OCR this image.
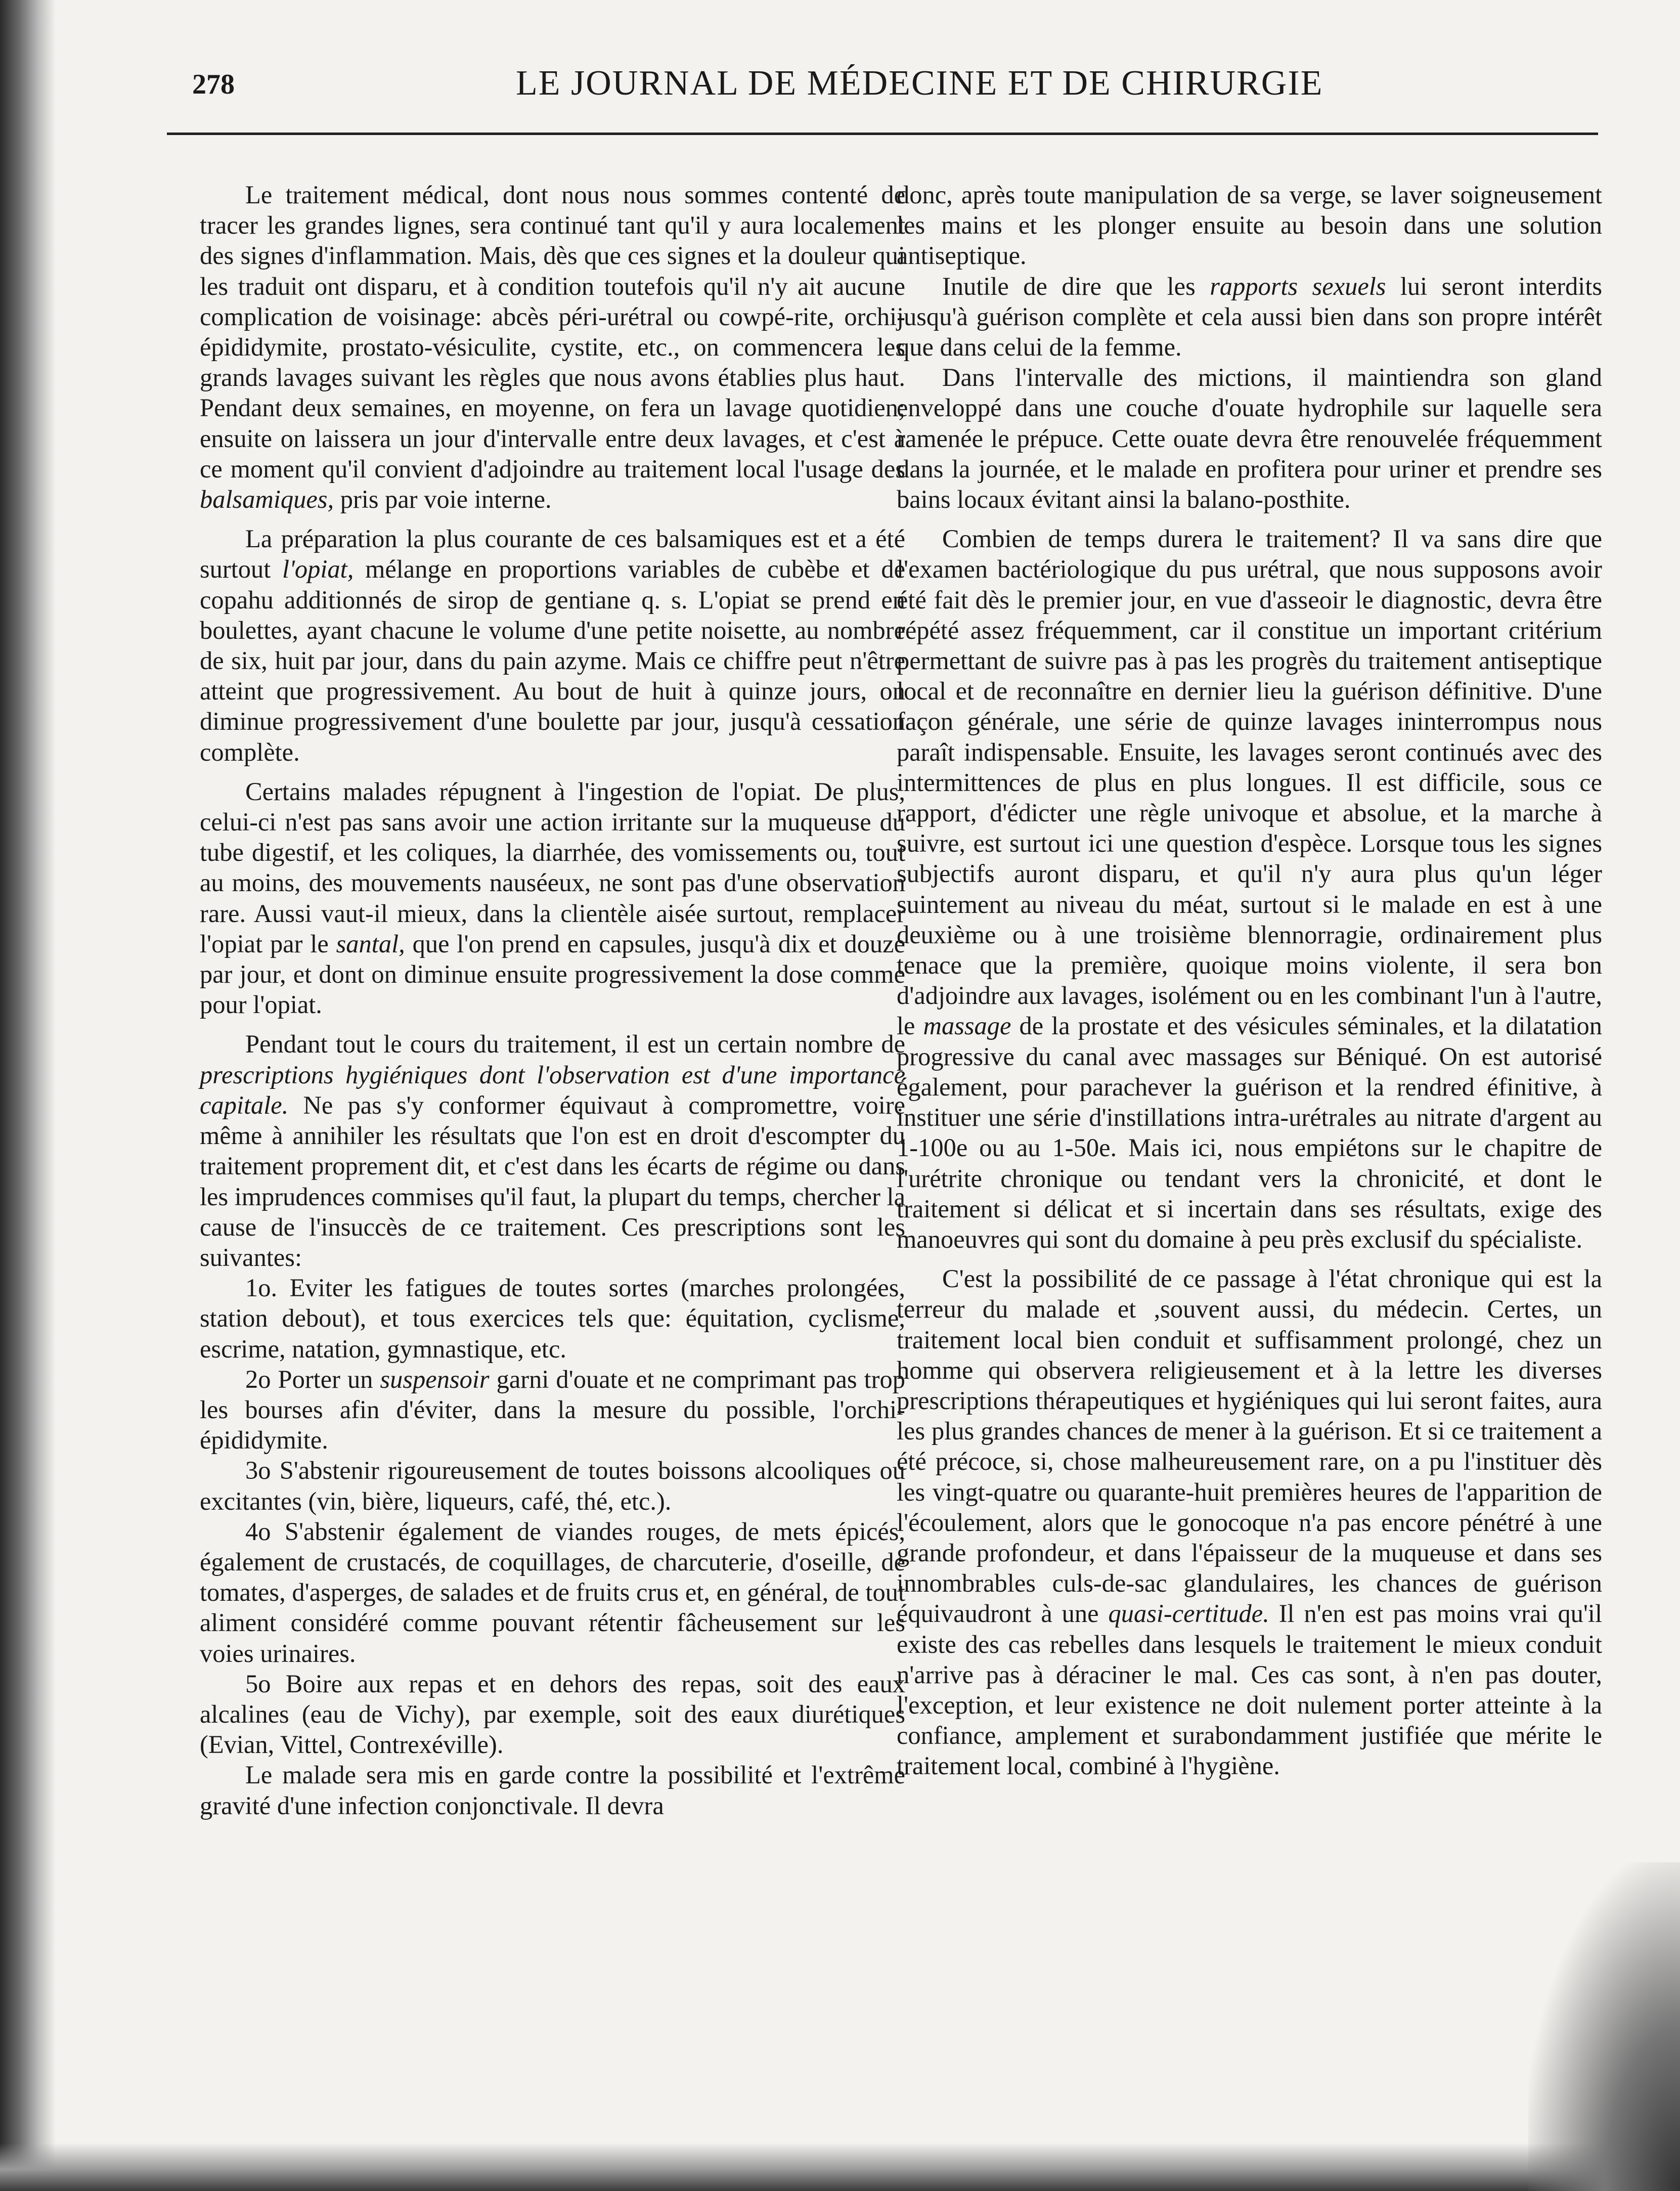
278	LE JOURNAL DE MÉDECINE ET DE CHIRURGIE

Le traitement médical, dont nous nous sommes contenté de tracer les grandes lignes, sera continué tant qu'il y aura localement des signes d'inflammation. Mais, dès que ces signes et la douleur qui les traduit ont disparu, et à condition toutefois qu'il n'y ait aucune complication de voisinage: abcès péri-urétral ou cowpé-rite, orchi-épididymite, prostato-vésiculite, cystite, etc., on commencera les grands lavages suivant les règles que nous avons établies plus haut. Pendant deux semaines, en moyenne, on fera un lavage quotidien; ensuite on laissera un jour d'intervalle entre deux lavages, et c'est à ce moment qu'il convient d'adjoindre au traitement local l'usage des balsamiques, pris par voie interne.

La préparation la plus courante de ces balsamiques est et a été surtout l'opiat, mélange en proportions variables de cubèbe et de copahu additionnés de sirop de gentiane q. s. L'opiat se prend en boulettes, ayant chacune le volume d'une petite noisette, au nombre de six, huit par jour, dans du pain azyme. Mais ce chiffre peut n'être atteint que progressivement. Au bout de huit à quinze jours, on diminue progressivement d'une boulette par jour, jusqu'à cessation complète.

Certains malades répugnent à l'ingestion de l'opiat. De plus, celui-ci n'est pas sans avoir une action irritante sur la muqueuse du tube digestif, et les coliques, la diarrhée, des vomissements ou, tout au moins, des mouvements nauséeux, ne sont pas d'une observation rare. Aussi vaut-il mieux, dans la clientèle aisée surtout, remplacer l'opiat par le santal, que l'on prend en capsules, jusqu'à dix et douze par jour, et dont on diminue ensuite progressivement la dose comme pour l'opiat.

Pendant tout le cours du traitement, il est un certain nombre de prescriptions hygiéniques dont l'observation est d'une importance capitale. Ne pas s'y conformer équivaut à compromettre, voire même à annihiler les résultats que l'on est en droit d'escompter du traitement proprement dit, et c'est dans les écarts de régime ou dans les imprudences commises qu'il faut, la plupart du temps, chercher la cause de l'insuccès de ce traitement. Ces prescriptions sont les suivantes:

1o. Eviter les fatigues de toutes sortes (marches prolongées, station debout), et tous exercices tels que: équitation, cyclisme, escrime, natation, gymnastique, etc.

2o Porter un suspensoir garni d'ouate et ne comprimant pas trop les bourses afin d'éviter, dans la mesure du possible, l'orchi-épididymite.

3o S'abstenir rigoureusement de toutes boissons alcooliques ou excitantes (vin, bière, liqueurs, café, thé, etc.).

4o S'abstenir également de viandes rouges, de mets épicés, également de crustacés, de coquillages, de charcuterie, d'oseille, de tomates, d'asperges, de salades et de fruits crus et, en général, de tout aliment considéré comme pouvant rétentir fâcheusement sur les voies urinaires.

5o Boire aux repas et en dehors des repas, soit des eaux alcalines (eau de Vichy), par exemple, soit des eaux diurétiques (Evian, Vittel, Contrexéville).

Le malade sera mis en garde contre la possibilité et l'extrême gravité d'une infection conjonctivale. Il devra

donc, après toute manipulation de sa verge, se laver soigneusement les mains et les plonger ensuite au besoin dans une solution antiseptique.

Inutile de dire que les rapports sexuels lui seront interdits jusqu'à guérison complète et cela aussi bien dans son propre intérêt que dans celui de la femme.

Dans l'intervalle des mictions, il maintiendra son gland enveloppé dans une couche d'ouate hydrophile sur laquelle sera ramenée le prépuce. Cette ouate devra être renouvelée fréquemment dans la journée, et le malade en profitera pour uriner et prendre ses bains locaux évitant ainsi la balano-posthite.

Combien de temps durera le traitement? Il va sans dire que l'examen bactériologique du pus urétral, que nous supposons avoir été fait dès le premier jour, en vue d'asseoir le diagnostic, devra être répété assez fréquemment, car il constitue un important critérium permettant de suivre pas à pas les progrès du traitement antiseptique local et de reconnaître en dernier lieu la guérison définitive. D'une façon générale, une série de quinze lavages ininterrompus nous paraît indispensable. Ensuite, les lavages seront continués avec des intermittences de plus en plus longues. Il est difficile, sous ce rapport, d'édicter une règle univoque et absolue, et la marche à suivre, est surtout ici une question d'espèce. Lorsque tous les signes subjectifs auront disparu, et qu'il n'y aura plus qu'un léger suintement au niveau du méat, surtout si le malade en est à une deuxième ou à une troisième blennorragie, ordinairement plus tenace que la première, quoique moins violente, il sera bon d'adjoindre aux lavages, isolément ou en les combinant l'un à l'autre, le massage de la prostate et des vésicules séminales, et la dilatation progressive du canal avec massages sur Béniqué. On est autorisé également, pour parachever la guérison et la rendred éfinitive, à instituer une série d'instillations intra-urétrales au nitrate d'argent au 1-100e ou au 1-50e. Mais ici, nous empiétons sur le chapitre de l'urétrite chronique ou tendant vers la chronicité, et dont le traitement si délicat et si incertain dans ses résultats, exige des manoeuvres qui sont du domaine à peu près exclusif du spécialiste.

C'est la possibilité de ce passage à l'état chronique qui est la terreur du malade et ,souvent aussi, du médecin. Certes, un traitement local bien conduit et suffisamment prolongé, chez un homme qui observera religieusement et à la lettre les diverses prescriptions thérapeutiques et hygiéniques qui lui seront faites, aura les plus grandes chances de mener à la guérison. Et si ce traitement a été précoce, si, chose malheureusement rare, on a pu l'instituer dès les vingt-quatre ou quarante-huit premières heures de l'apparition de l'écoulement, alors que le gonocoque n'a pas encore pénétré à une grande profondeur, et dans l'épaisseur de la muqueuse et dans ses innombrables culs-de-sac glandulaires, les chances de guérison équivaudront à une quasi-certitude. Il n'en est pas moins vrai qu'il existe des cas rebelles dans lesquels le traitement le mieux conduit n'arrive pas à déraciner le mal. Ces cas sont, à n'en pas douter, l'exception, et leur existence ne doit nulement porter atteinte à la confiance, amplement et surabondamment justifiée que mérite le traitement local, combiné à l'hygiène.
